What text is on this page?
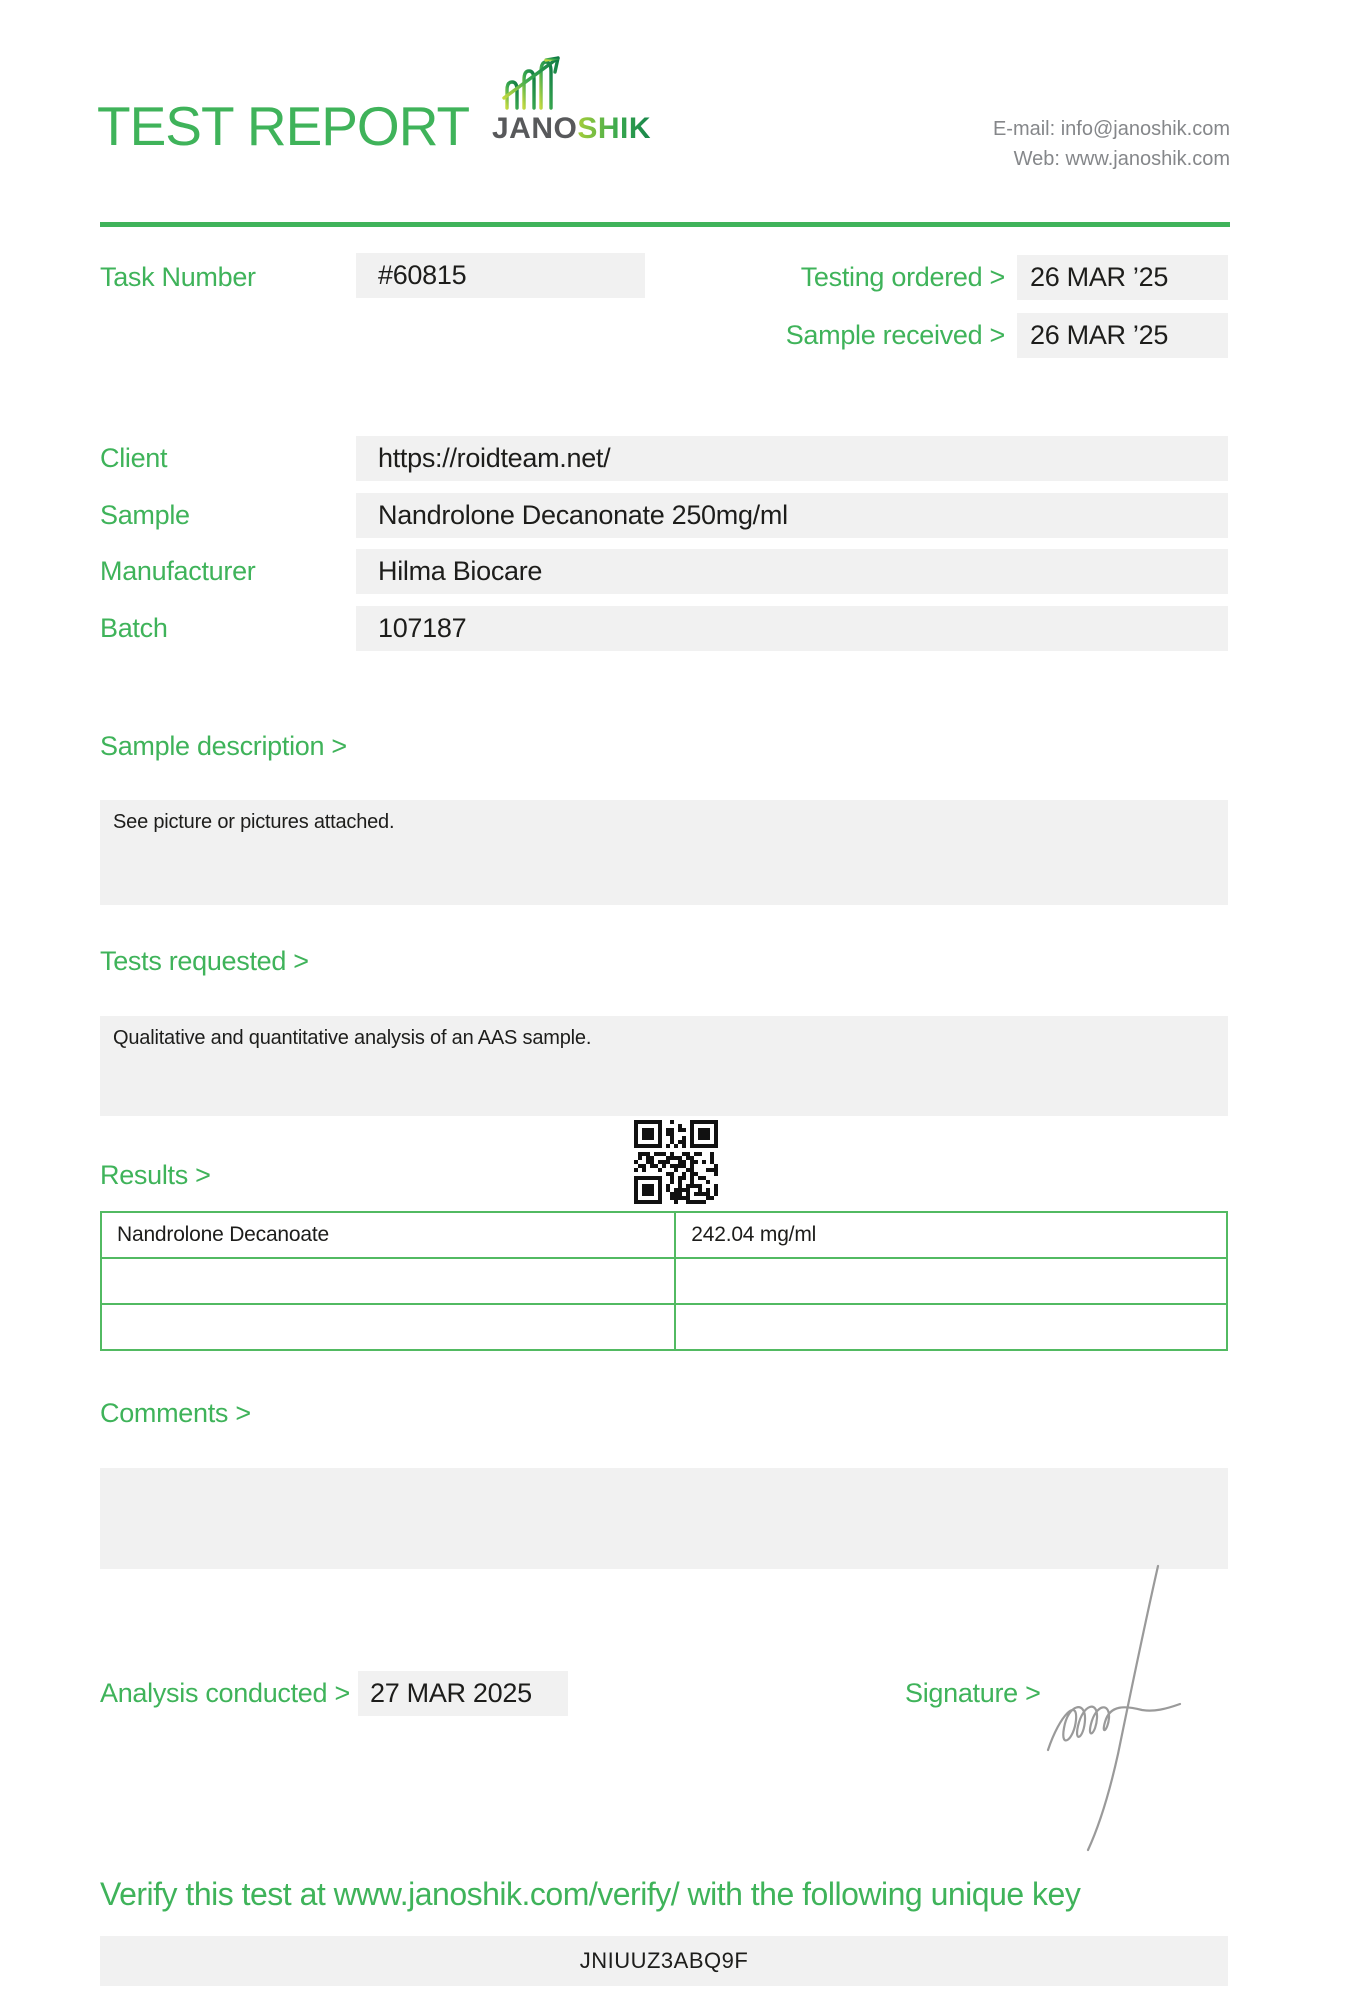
TEST REPORT JANOSHIK	E-mail: info@janoshik.com
Web: www.janoshik.com
Task Number	#60815	Testing ordered > 26 MAR ’25
Sample received > 26 MAR ’25
Client	https://roidteam.net/
Sample	Nandrolone Decanonate 250mg/ml
Manufacturer	Hilma Biocare
Batch	107187
Sample description >
See picture or pictures attached.
Tests requested >
Qualitative and quantitative analysis of an AAS sample.
Results >
Nandrolone Decanoate	242.04 mg/ml

Comments >
Analysis conducted > 27 MAR 2025	Signature >
Verify this test at www.janoshik.com/verify/ with the following unique key
JNIUUZ3ABQ9F
